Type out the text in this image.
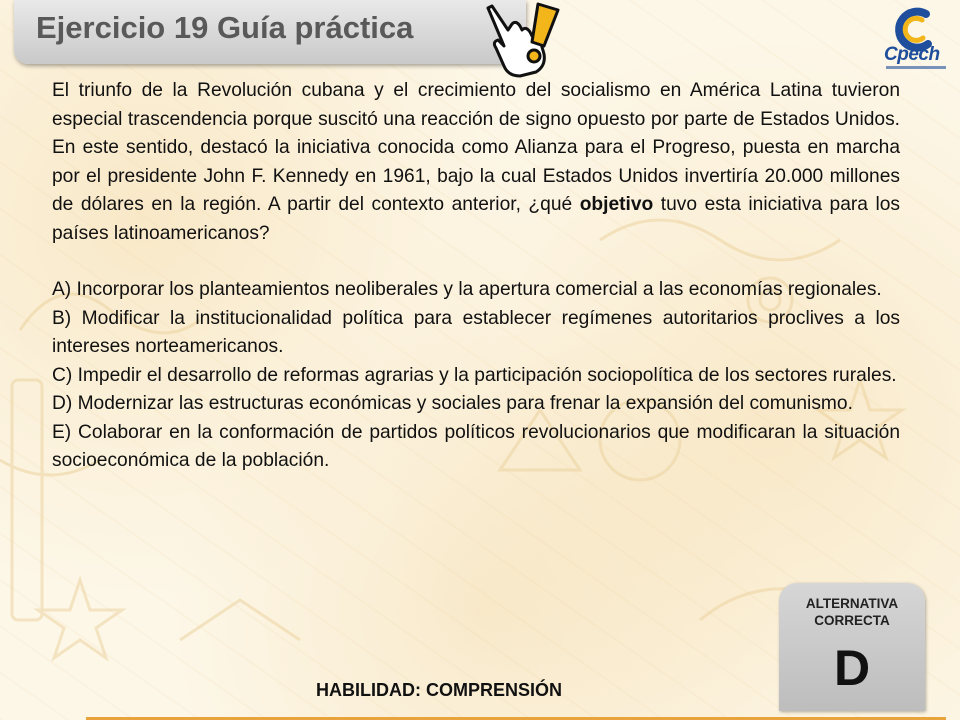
Ejercicio 19 Guía práctica
Cpech

El triunfo de la Revolución cubana y el crecimiento del socialismo en América Latina tuvieron especial trascendencia porque suscitó una reacción de signo opuesto por parte de Estados Unidos. En este sentido, destacó la iniciativa conocida como Alianza para el Progreso, puesta en marcha por el presidente John F. Kennedy en 1961, bajo la cual Estados Unidos invertiría 20.000 millones de dólares en la región. A partir del contexto anterior, ¿qué objetivo tuvo esta iniciativa para los países latinoamericanos?

A) Incorporar los planteamientos neoliberales y la apertura comercial a las economías regionales.

B) Modificar la institucionalidad política para establecer regímenes autoritarios proclives a los intereses norteamericanos.

C) Impedir el desarrollo de reformas agrarias y la participación sociopolítica de los sectores rurales.

D) Modernizar las estructuras económicas y sociales para frenar la expansión del comunismo.

E) Colaborar en la conformación de partidos políticos revolucionarios que modificaran la situación socioeconómica de la población.

ALTERNATIVA
CORRECTA
D
HABILIDAD: COMPRENSIÓN
